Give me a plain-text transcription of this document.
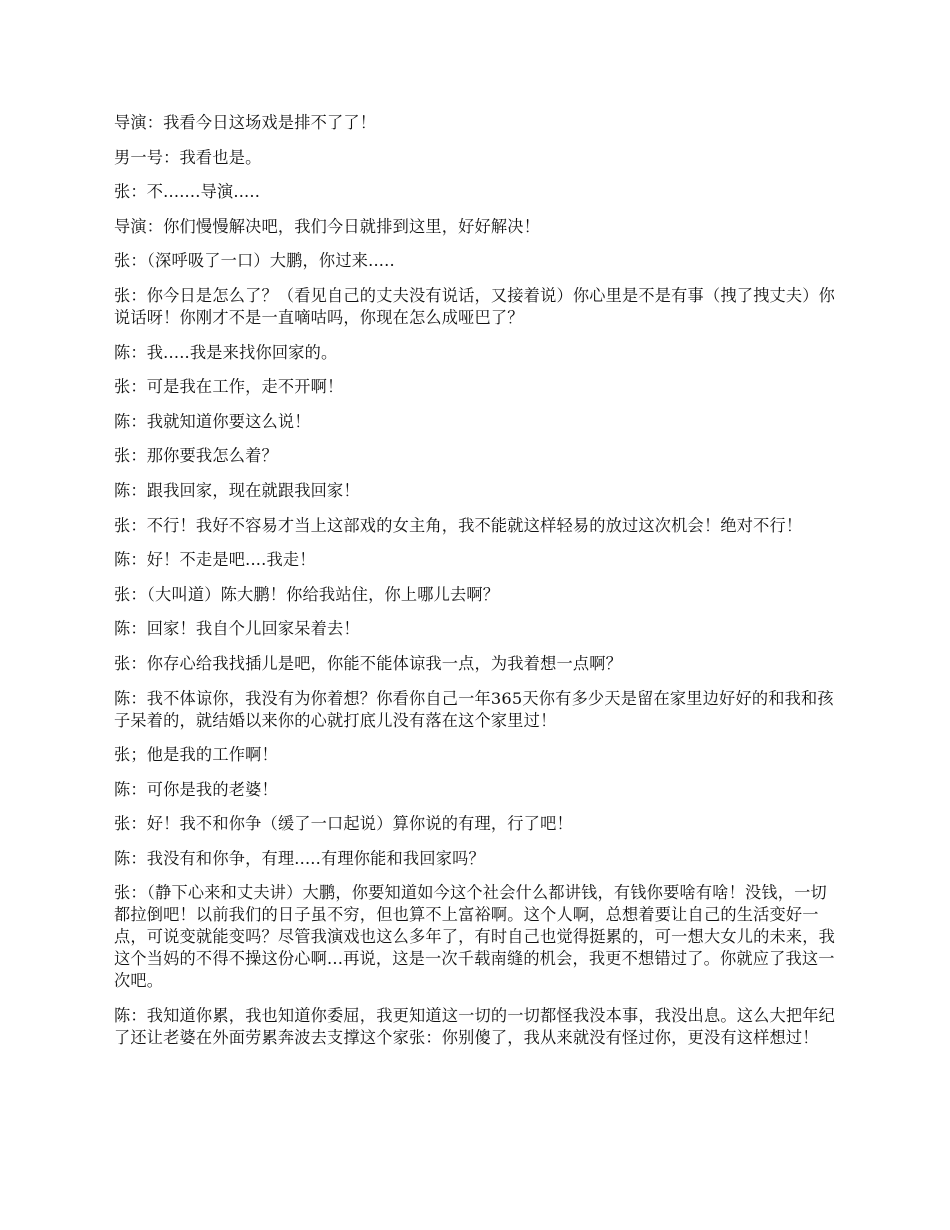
导演：我看今日这场戏是排不了了！

男一号：我看也是。

张：不.......导演.....

导演：你们慢慢解决吧，我们今日就排到这里，好好解决！

张：（深呼吸了一口）大鹏，你过来.....

张：你今日是怎么了？（看见自己的丈夫没有说话，又接着说）你心里是不是有事（拽了拽丈夫）你说话呀！你刚才不是一直嘀咕吗，你现在怎么成哑巴了？

陈：我.....我是来找你回家的。

张：可是我在工作，走不开啊！

陈：我就知道你要这么说！

张：那你要我怎么着？

陈：跟我回家，现在就跟我回家！

张：不行！我好不容易才当上这部戏的女主角，我不能就这样轻易的放过这次机会！绝对不行！

陈：好！不走是吧....我走！

张：（大叫道）陈大鹏！你给我站住，你上哪儿去啊？

陈：回家！我自个儿回家呆着去！

张：你存心给我找插儿是吧，你能不能体谅我一点，为我着想一点啊？

陈：我不体谅你，我没有为你着想？你看你自己一年365天你有多少天是留在家里边好好的和我和孩子呆着的，就结婚以来你的心就打底儿没有落在这个家里过！

张；他是我的工作啊！

陈：可你是我的老婆！

张：好！我不和你争（缓了一口起说）算你说的有理，行了吧！

陈：我没有和你争，有理.....有理你能和我回家吗？

张：（静下心来和丈夫讲）大鹏，你要知道如今这个社会什么都讲钱，有钱你要啥有啥！没钱，一切都拉倒吧！以前我们的日子虽不穷，但也算不上富裕啊。这个人啊，总想着要让自己的生活变好一点，可说变就能变吗？尽管我演戏也这么多年了，有时自己也觉得挺累的，可一想大女儿的未来，我这个当妈的不得不操这份心啊...再说，这是一次千载南缝的机会，我更不想错过了。你就应了我这一次吧。

陈：我知道你累，我也知道你委屈，我更知道这一切的一切都怪我没本事，我没出息。这么大把年纪了还让老婆在外面劳累奔波去支撑这个家张：你别傻了，我从来就没有怪过你，更没有这样想过！
